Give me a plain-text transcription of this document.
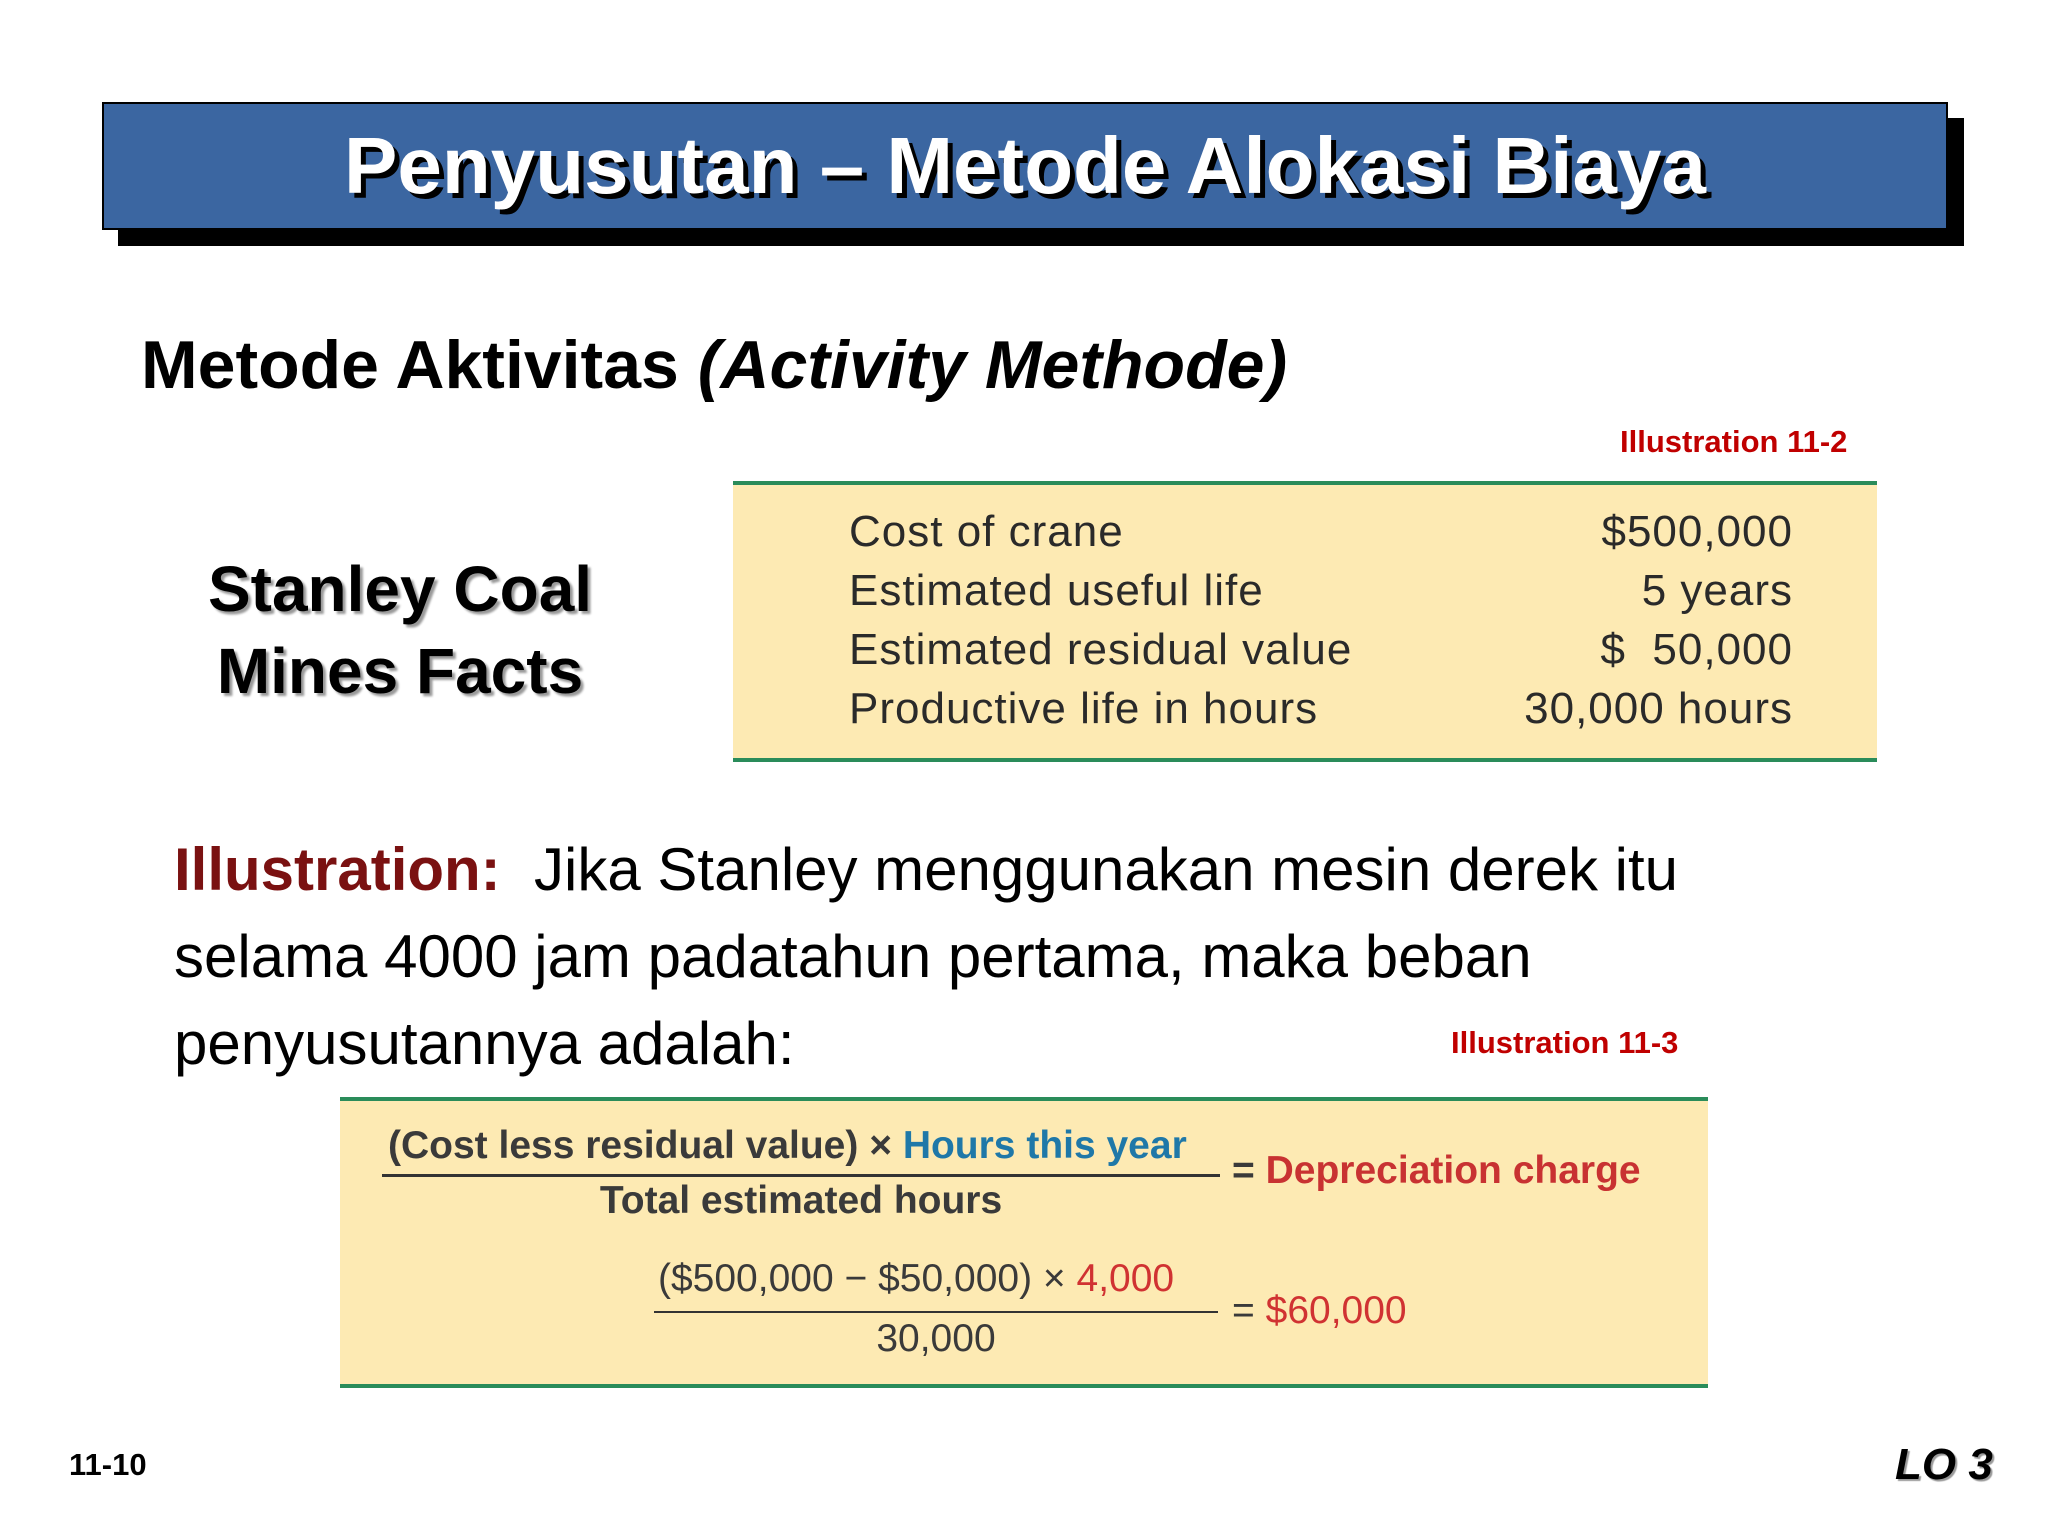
Penyusutan – Metode Alokasi Biaya
Metode Aktivitas (Activity Methode)
Illustration 11-2
Stanley Coal
Mines Facts
Cost of crane	$500,000
Estimated useful life	5 years
Estimated residual value	$  50,000
Productive life in hours	30,000 hours
Illustration: Jika Stanley menggunakan mesin derek itu selama 4000 jam padatahun pertama, maka beban penyusutannya adalah:	Illustration 11-3
(Cost less residual value) × Hours this year
Total estimated hours
= Depreciation charge
($500,000 − $50,000) × 4,000
30,000
= $60,000
11-10	LO 3
